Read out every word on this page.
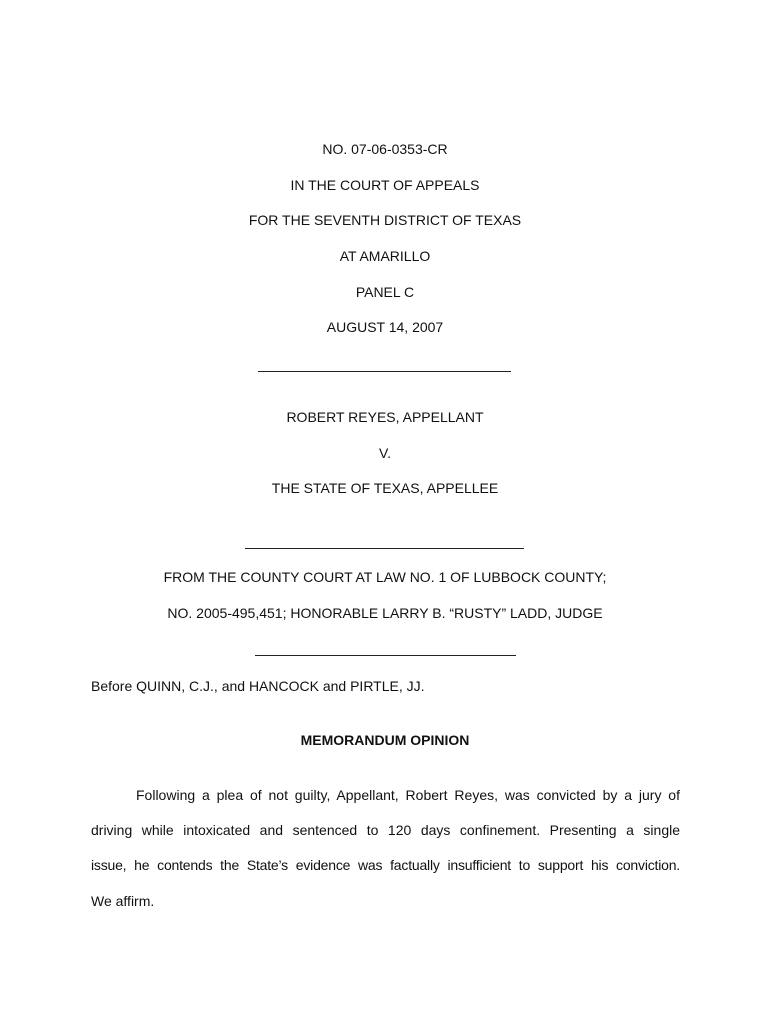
NO. 07-06-0353-CR
IN THE COURT OF APPEALS
FOR THE SEVENTH DISTRICT OF TEXAS
AT AMARILLO
PANEL C
AUGUST 14, 2007
ROBERT REYES, APPELLANT
V.
THE STATE OF TEXAS, APPELLEE
FROM THE COUNTY COURT AT LAW NO. 1 OF LUBBOCK COUNTY;
NO. 2005-495,451; HONORABLE LARRY B. “RUSTY” LADD, JUDGE
Before QUINN, C.J., and HANCOCK and PIRTLE, JJ.
MEMORANDUM OPINION
Following a plea of not guilty, Appellant, Robert Reyes, was convicted by a jury of
driving while intoxicated and sentenced to 120 days confinement. Presenting a single
issue, he contends the State’s evidence was factually insufficient to support his conviction.
We affirm.
